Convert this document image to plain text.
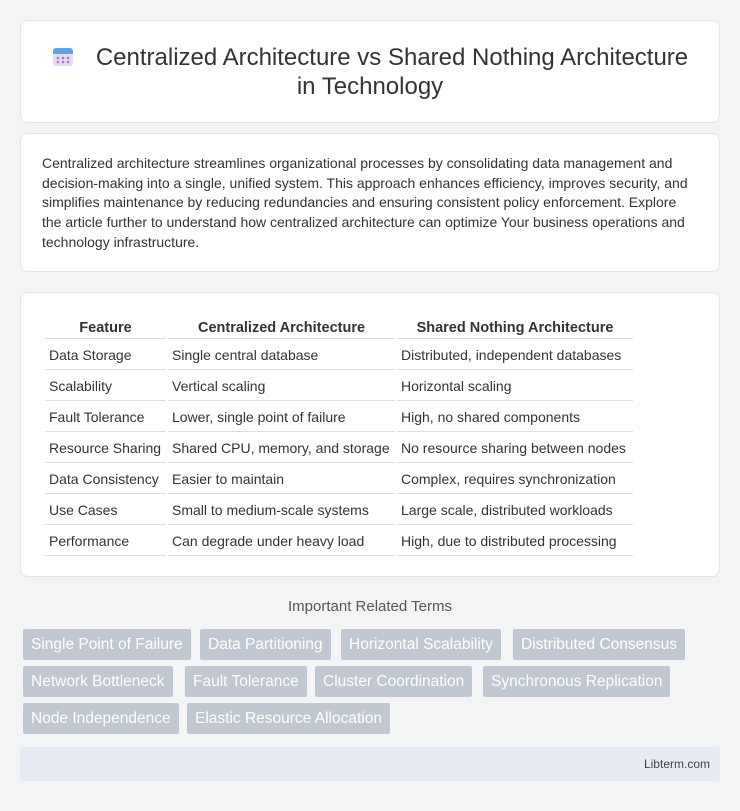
Centralized Architecture vs Shared Nothing Architecture
in Technology

Centralized architecture streamlines organizational processes by consolidating data management and decision-making into a single, unified system. This approach enhances efficiency, improves security, and simplifies maintenance by reducing redundancies and ensuring consistent policy enforcement. Explore the article further to understand how centralized architecture can optimize Your business operations and technology infrastructure.

Feature	Centralized Architecture	Shared Nothing Architecture
Data Storage	Single central database	Distributed, independent databases
Scalability	Vertical scaling	Horizontal scaling
Fault Tolerance	Lower, single point of failure	High, no shared components
Resource Sharing	Shared CPU, memory, and storage	No resource sharing between nodes
Data Consistency	Easier to maintain	Complex, requires synchronization
Use Cases	Small to medium-scale systems	Large scale, distributed workloads
Performance	Can degrade under heavy load	High, due to distributed processing
Important Related Terms
Single Point of Failure	Data Partitioning	Horizontal Scalability	Distributed Consensus
Network Bottleneck	Fault Tolerance	Cluster Coordination	Synchronous Replication
Node Independence	Elastic Resource Allocation
Libterm.com
